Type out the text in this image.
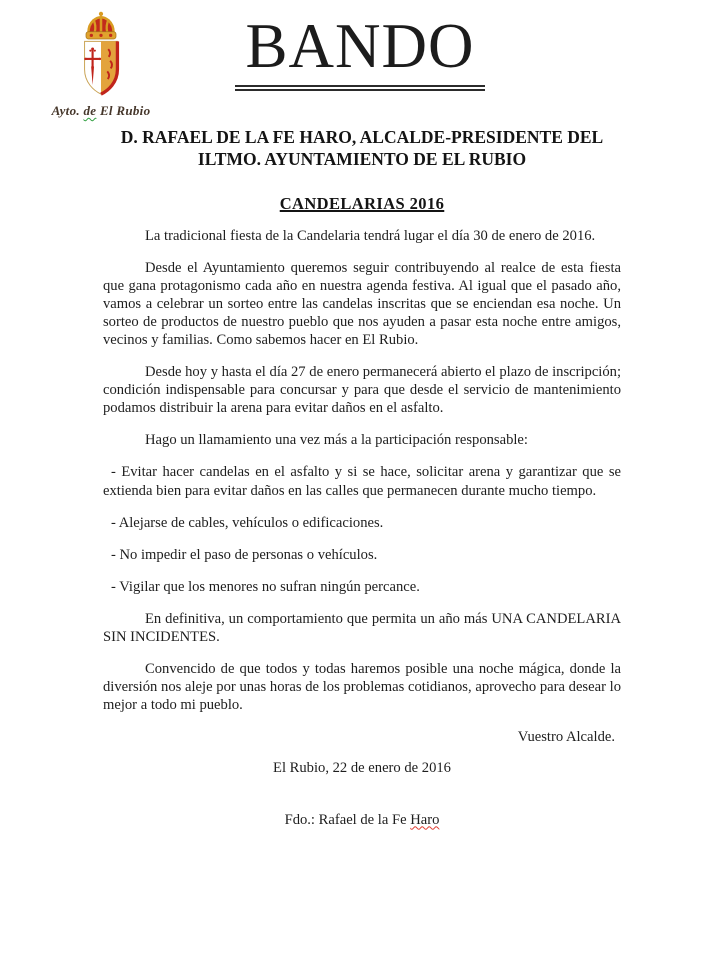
Ayto. de El Rubio
BANDO
D. RAFAEL DE LA FE HARO, ALCALDE-PRESIDENTE DEL ILTMO. AYUNTAMIENTO DE EL RUBIO
CANDELARIAS 2016

La tradicional fiesta de la Candelaria tendrá lugar el día 30 de enero de 2016.

Desde el Ayuntamiento queremos seguir contribuyendo al realce de esta fiesta que gana protagonismo cada año en nuestra agenda festiva. Al igual que el pasado año, vamos a celebrar un sorteo entre las candelas inscritas que se enciendan esa noche. Un sorteo de productos de nuestro pueblo que nos ayuden a pasar esta noche entre amigos, vecinos y familias. Como sabemos hacer en El Rubio.

Desde hoy y hasta el día 27 de enero permanecerá abierto el plazo de inscripción; condición indispensable para concursar y para que desde el servicio de mantenimiento podamos distribuir la arena para evitar daños en el asfalto.

Hago un llamamiento una vez más a la participación responsable:

- Evitar hacer candelas en el asfalto y si se hace, solicitar arena y garantizar que se extienda bien para evitar daños en las calles que permanecen durante mucho tiempo.

- Alejarse de cables, vehículos o edificaciones.

- No impedir el paso de personas o vehículos.

- Vigilar que los menores no sufran ningún percance.

En definitiva, un comportamiento que permita un año más UNA CANDELARIA SIN INCIDENTES.

Convencido de que todos y todas haremos posible una noche mágica, donde la diversión nos aleje por unas horas de los problemas cotidianos, aprovecho para desear lo mejor a todo mi pueblo.

Vuestro Alcalde.

El Rubio, 22 de enero de 2016

Fdo.: Rafael de la Fe Haro
